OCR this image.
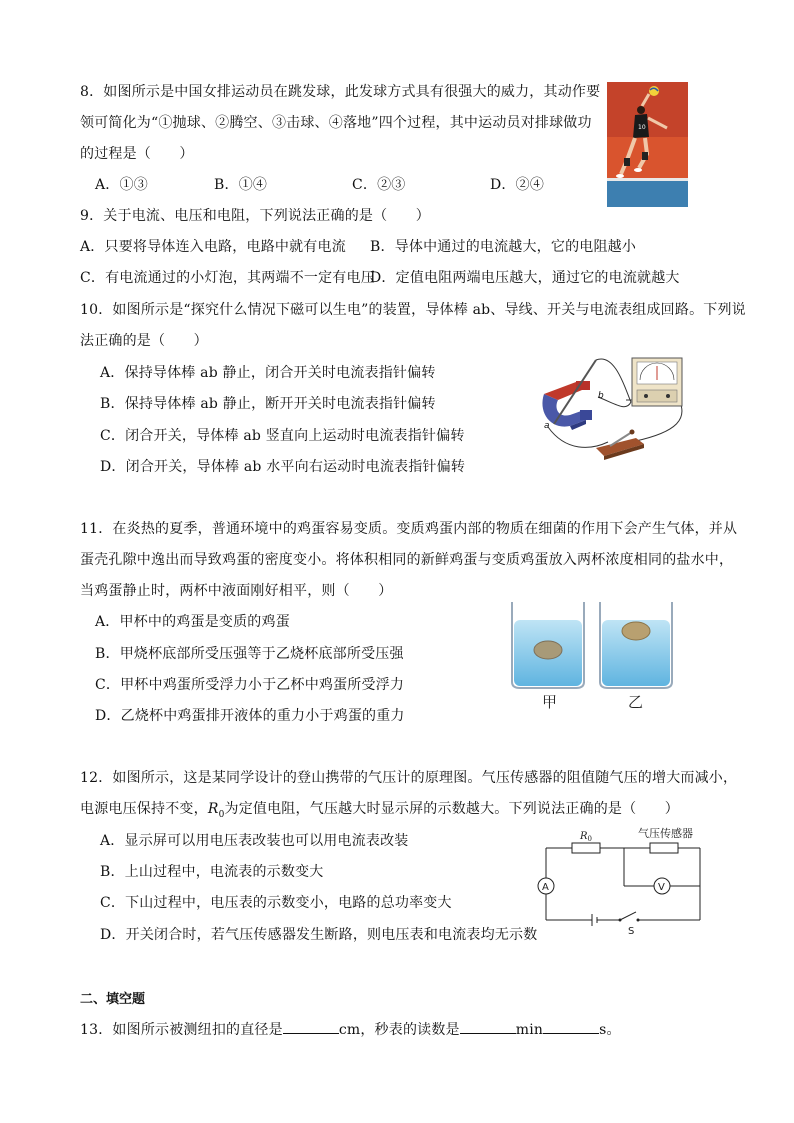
8．如图所示是中国女排运动员在跳发球，此发球方式具有很强大的威力，其动作要
领可简化为“①抛球、②腾空、③击球、④落地”四个过程，其中运动员对排球做功
的过程是（　　）
A．①③	B．①④	C．②③	D．②④
10
9．关于电流、电压和电阻，下列说法正确的是（　　）
A．只要将导体连入电路，电路中就有电流 B．导体中通过的电流越大，它的电阻越小
C．有电流通过的小灯泡，其两端不一定有电压
D．定值电阻两端电压越大，通过它的电流就越大
10．如图所示是“探究什么情况下磁可以生电”的装置，导体棒 ab、导线、开关与电流表组成回路。下列说
法正确的是（　　）
A．保持导体棒 ab 静止，闭合开关时电流表指针偏转
B．保持导体棒 ab 静止，断开开关时电流表指针偏转
C．闭合开关，导体棒 ab 竖直向上运动时电流表指针偏转
D．闭合开关，导体棒 ab 水平向右运动时电流表指针偏转
a
b
11．在炎热的夏季，普通环境中的鸡蛋容易变质。变质鸡蛋内部的物质在细菌的作用下会产生气体，并从
蛋壳孔隙中逸出而导致鸡蛋的密度变小。将体积相同的新鲜鸡蛋与变质鸡蛋放入两杯浓度相同的盐水中，
当鸡蛋静止时，两杯中液面刚好相平，则（　　）
A．甲杯中的鸡蛋是变质的鸡蛋
B．甲烧杯底部所受压强等于乙烧杯底部所受压强
C．甲杯中鸡蛋所受浮力小于乙杯中鸡蛋所受浮力
D．乙烧杯中鸡蛋排开液体的重力小于鸡蛋的重力
甲	乙
12．如图所示，这是某同学设计的登山携带的气压计的原理图。气压传感器的阻值随气压的增大而减小，
电源电压保持不变，$R_0$为定值电阻，气压越大时显示屏的示数越大。下列说法正确的是（　　）
A．显示屏可以用电压表改装也可以用电流表改装
B．上山过程中，电流表的示数变大
C．下山过程中，电压表的示数变小，电路的总功率变大
D．开关闭合时，若气压传感器发生断路，则电压表和电流表均无示数
A	V
S
$R_0$	气压传感器
二、填空题
13．如图所示被测纽扣的直径是	cm，秒表的读数是	min	s。
